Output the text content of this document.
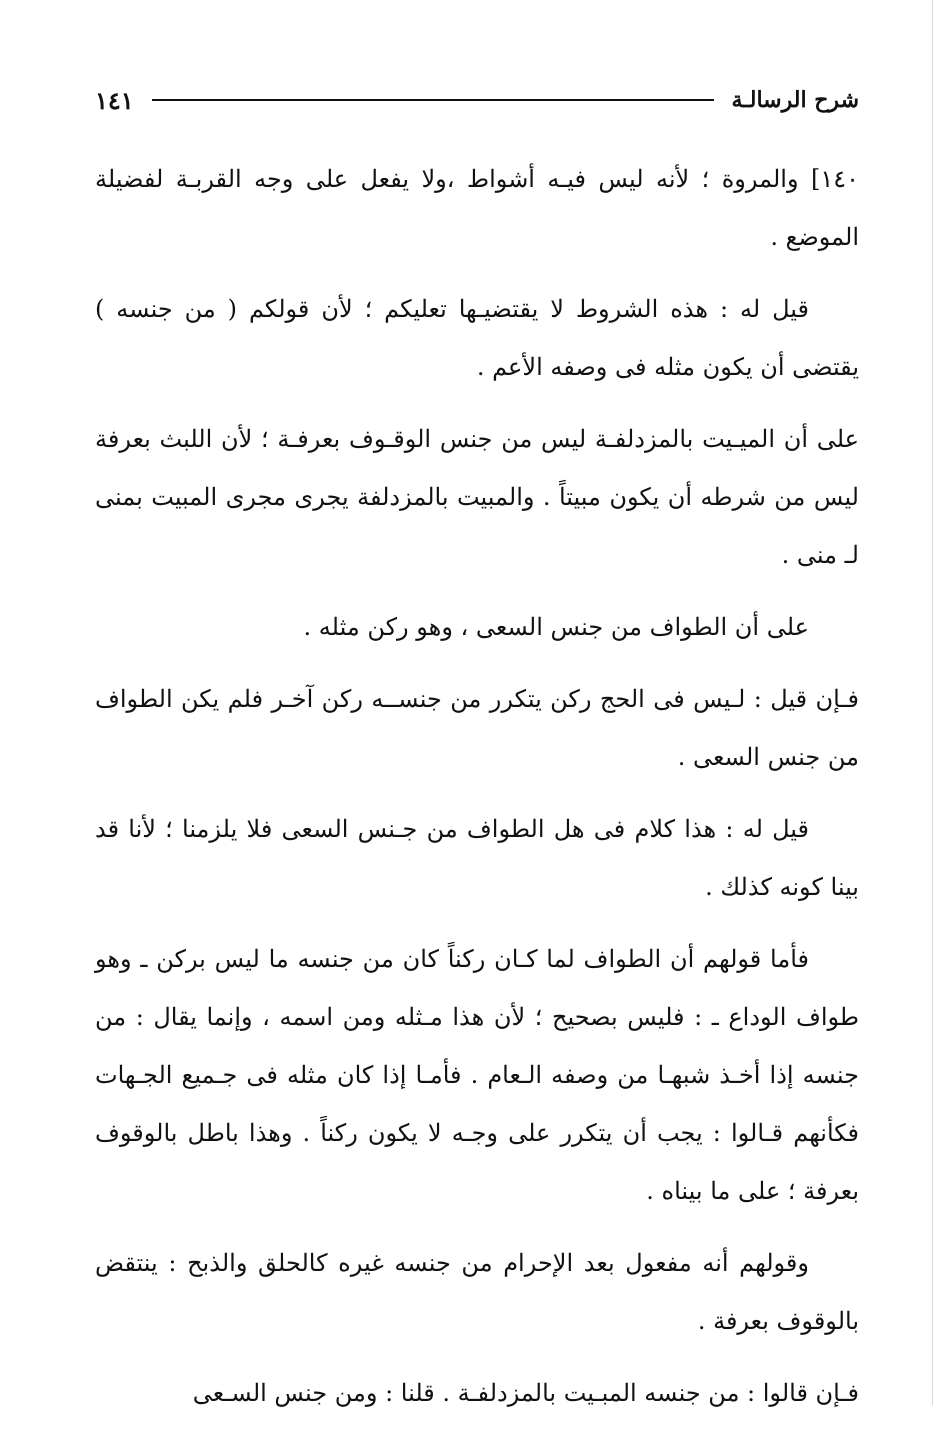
شرح الرسالـة
١٤١

١٤٠] والمروة ؛ لأنه ليس فيـه أشواط ،ولا يفعل على وجه القربـة لفضيلة الموضع .

قيل له : هذه الشروط لا يقتضيـها تعليكم ؛ لأن قولكم ( من جنسه ) يقتضى أن يكون مثله فى وصفه الأعم .

على أن الميـيت بالمزدلفـة ليس من جنس الوقـوف بعرفـة ؛ لأن اللبث بعرفة ليس من شرطه أن يكون مبيتاً . والمبيت بالمزدلفة يجرى مجرى المبيت بمنى لـ منى .

على أن الطواف من جنس السعى ، وهو ركن مثله .

فـإن قيل : لـيس فى الحج ركن يتكرر من جنســه ركن آخـر فلم يكن الطواف من جنس السعى .

قيل له : هذا كلام فى هل الطواف من جـنس السعى فلا يلزمنا ؛ لأنا قد بينا كونه كذلك .

فأما قولهم أن الطواف لما كـان ركناً كان من جنسه ما ليس بركن ـ وهو طواف الوداع ـ : فليس بصحيح ؛ لأن هذا مـثله ومن اسمه ، وإنما يقال : من جنسه إذا أخـذ شبهـا من وصفه الـعام . فأمـا إذا كان مثله فى جـميع الجـهات فكأنهم قـالوا : يجب أن يتكرر على وجـه لا يكون ركناً . وهذا باطل بالوقوف بعرفة ؛ على ما بيناه .

وقولهم أنه مفعول بعد الإحرام من جنسه غيره كالحلق والذبح : ينتقض بالوقوف بعرفة .

فـإن قالوا : من جنسه المبـيت بالمزدلفـة . قلنا : ومن جنس السـعى
